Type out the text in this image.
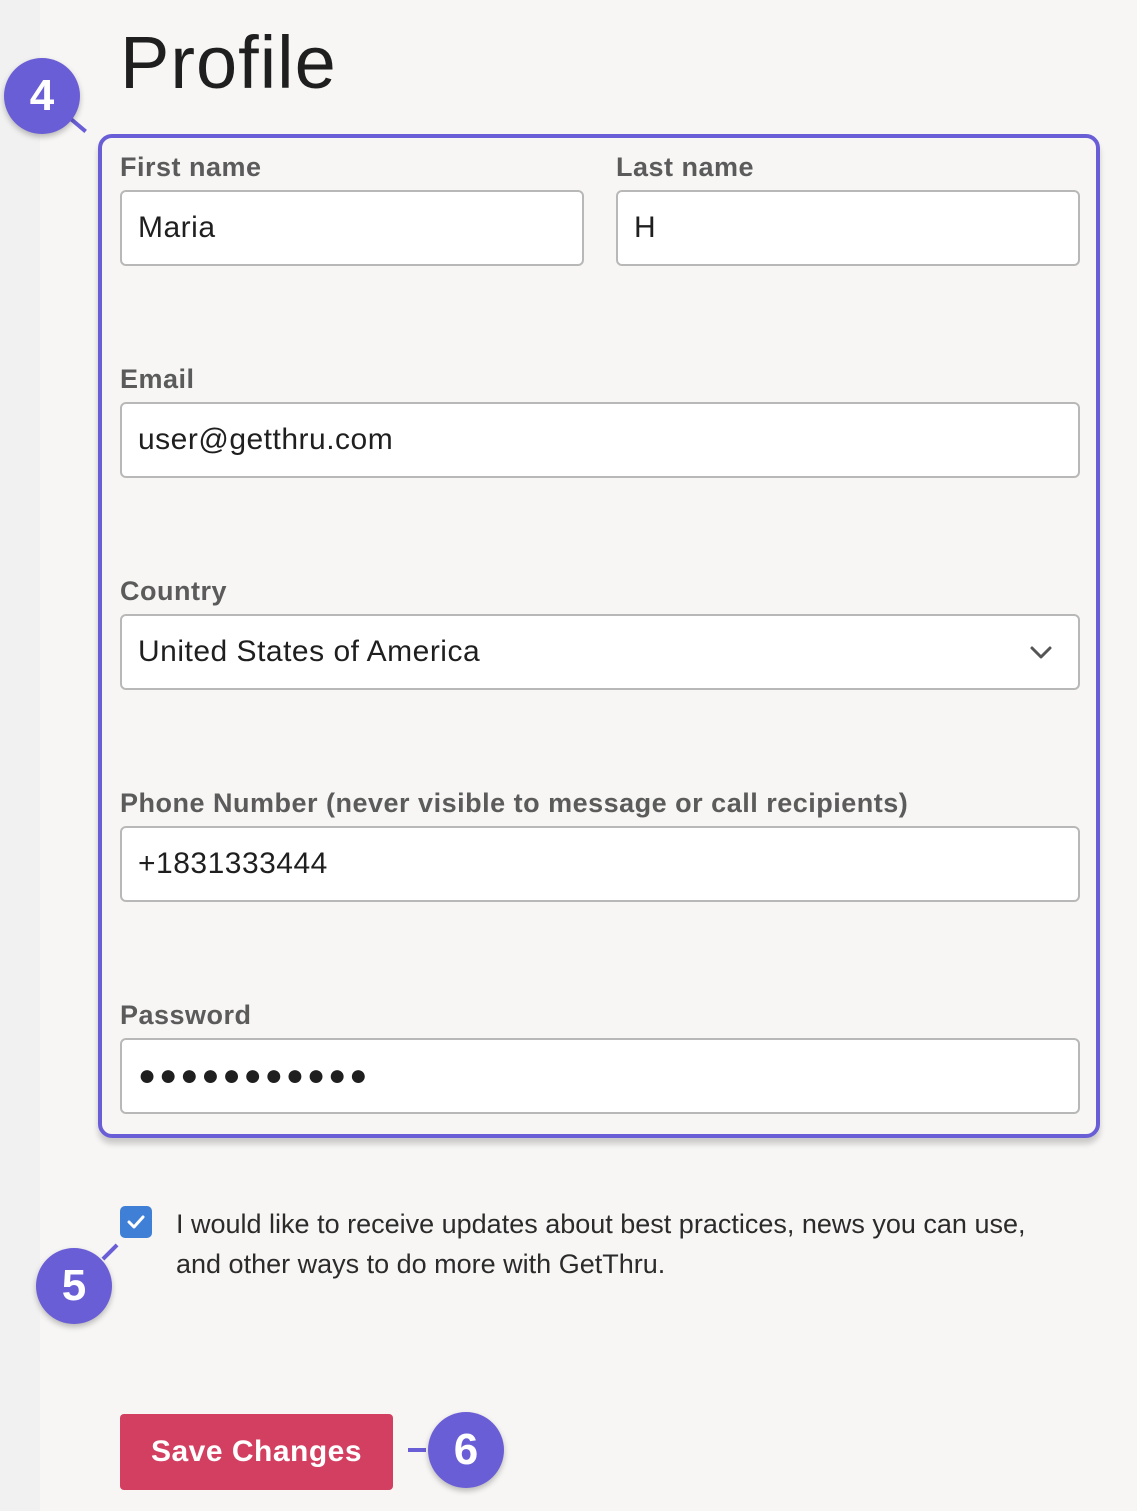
Profile
First name
Maria
Last name
H
Email
user@getthru.com
Country
United States of America
Phone Number (never visible to message or call recipients)
+1831333444
Password
●●●●●●●●●●●
I would like to receive updates about best practices, news you can use, and other ways to do more with GetThru.
Save Changes
4
5
6
